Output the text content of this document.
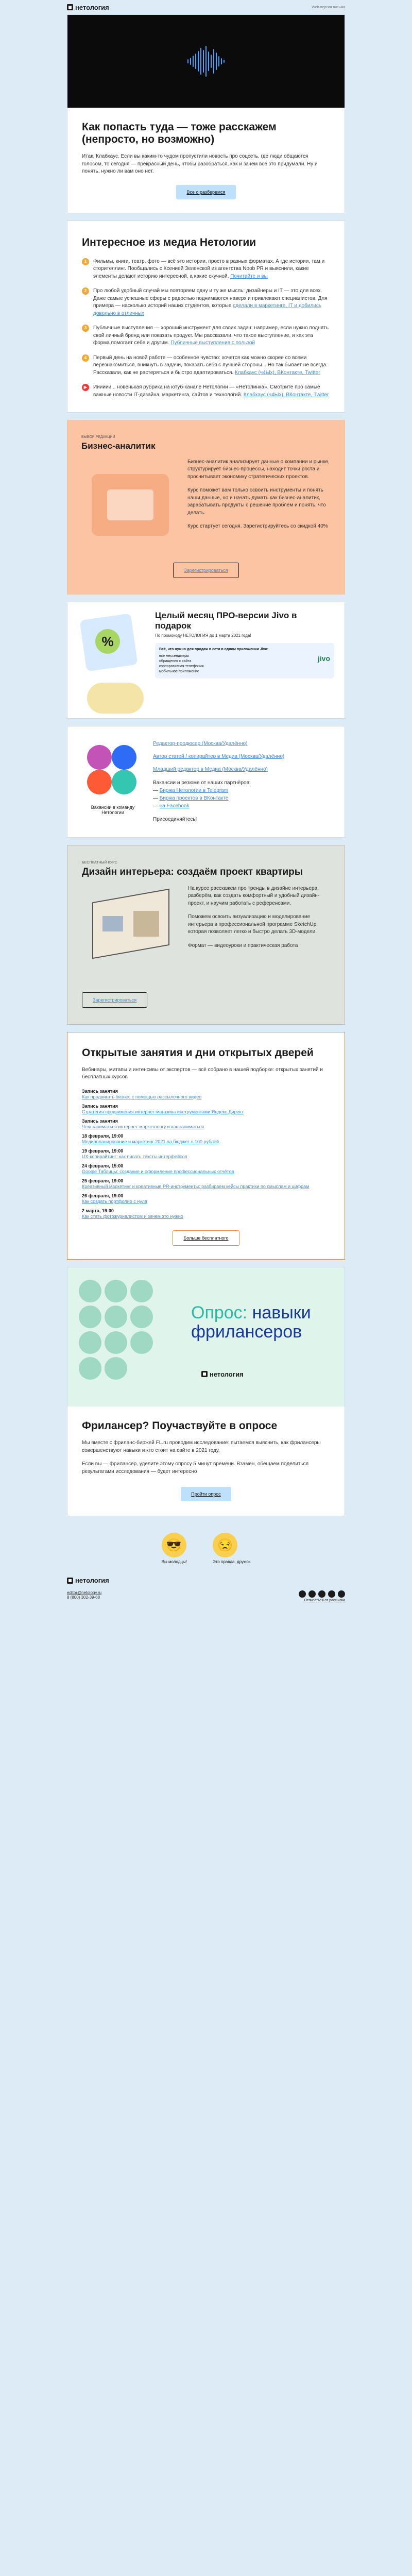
нетология	Web-версия письма
Как попасть туда — тоже расскажем (непросто, но возможно)

Итак, Клабхаус. Если вы каким-то чудом пропустили новость про соцсеть, где люди общаются голосом, то сегодня — прекрасный день, чтобы разобраться, как и зачем всё это придумали. Ну и понять, нужно ли вам оно нет.

Все о разберемся
Интересное из медиа Нетологии
1	Фильмы, книги, театр, фото — всё это истории, просто в разных форматах. А где истории, там и сторителлинг. Пообщались с Ксенией Зеленской из агентства Noob PR и выяснили, какие элементы делают историю интересной, а какие скучной. Почитайте и вы

2	Про любой удобный случай мы повторяем одну и ту же мысль: дизайнеры и IT — это для всех. Даже самые успешные сферы с радостью поднимаются наверх и привлекают специалистов. Для примера — насколько историй наших студентов, которые сделали в маркетинге, IT и добились довольно в отличных

3	Публичные выступления — хороший инструмент для своих задач: например, если нужно поднять свой личный бренд или показать продукт. Мы рассказали, что такое выступление, и как эта форма помогает себе и другим. Публичные выступления с пользой

4	Первый день на новой работе — особенное чувство: хочется как можно скорее со всеми перезнакомиться, вникнуть в задачи, показать себя с лучшей стороны... Но так бывает не всегда. Рассказали, как не растеряться и быстро адаптироваться. Клабхаус (ч4Ых), ВКонтакте, Twitter

▶	Ииииии... новенькая рубрика на ютуб-канале Нетологии — «Нетолинка». Смотрите про самые важные новости IT-дизайна, маркетинга, сайтов и технологий. Клабхаус (ч4Ых), ВКонтакте, Twitter

ВЫБОР РЕДАКЦИИ
Бизнес-аналитик

Бизнес-аналитик анализирует данные о компании и рынке, структурирует бизнес-процессы, находит точки роста и просчитывает экономику стратегических проектов.

Курс поможет вам только освоить инструменты и понять наши данные, но и начать думать как бизнес-аналитик, зарабатывать продукты с решение проблем и понять, что делать.

Курс стартует сегодня. Зарегистрируйтесь со скидкой 40%

Зарегистрироваться
%
Целый месяц ПРО-версии Jivo в подарок

По промокоду НЕТОЛОГИЯ до 1 марта 2021 года!

Всё, что нужно для продаж в сети в одном приложении Jivo:
все мессенджеры
обращения с сайта
корпоративная телефония
мобильное приложение
jivo
Вакансии в команду Нетологии
Редактор-продюсер (Москва/Удалённо)
Автор статей / копирайтер в Медиа (Москва/Удалённо)
Младший редактор в Медиа (Москва/Удалённо)

Вакансии и резюме от наших партнёров:

— Биржа Нетологии в Telegram
— Биржа проектов в ВКонтакте
— на Facebook

Присоединяйтесь!

БЕСПЛАТНЫЙ КУРС
Дизайн интерьера: создаём проект квартиры

На курсе расскажем про тренды в дизайне интерьера, разберём, как создать комфортный и удобный дизайн-проект, и научим работать с референсами.

Поможем освоить визуализацию и моделирование интерьера в профессиональной программе SketchUp, которая позволяет легко и быстро делать 3D-модели.

Формат — видеоуроки и практическая работа

Зарегистрироваться
Открытые занятия и дни открытых дверей

Вебинары, митапы и интенсивы от экспертов — всё собрано в нашей подборке: открытых занятий и бесплатных курсов

Запись занятия
Как продвигать бизнес с помощью рассылочного видео
Запись занятия
Стратегия продвижения интернет-магазина инструментами Яндекс.Директ
Запись занятия
Чем заниматься интернет-маркетологу и как заниматься
18 февраля, 19:00
Медиапланирование и маркетинг 2021 на бюджет в 100 рублей
19 февраля, 19:00
UX-копирайтинг: как писать тексты интерфейсов
24 февраля, 15:00
Google Таблицы: создание и оформление профессиональных отчётов
25 февраля, 19:00
Креативный маркетинг и креативные PR-инструменты: разбираем кейсы практики по смыслам и цифрам
26 февраля, 19:00
Как создать портфолио с нуля
2 марта, 19:00
Как стать фотожурналистом и зачем это нужно
Больше бесплатного
Опрос: навыки фрилансеров
нетология
Фрилансер? Поучаствуйте в опросе

Мы вместе с фриланс-биржей FL.ru проводим исследование: пытаемся выяснить, как фрилансеры совершенствуют навыки и кто стоит на сайте в 2021 году.

Если вы — фрилансер, уделите этому опросу 5 минут времени. Взамен, обещаем поделиться результатами исследования — будет интересно

Пройти опрос
😎
Вы молодцы!
😒
Это правда, дружок
нетология
editor@netology.ru
8 (800) 302-39-68
Отписаться от рассылки
